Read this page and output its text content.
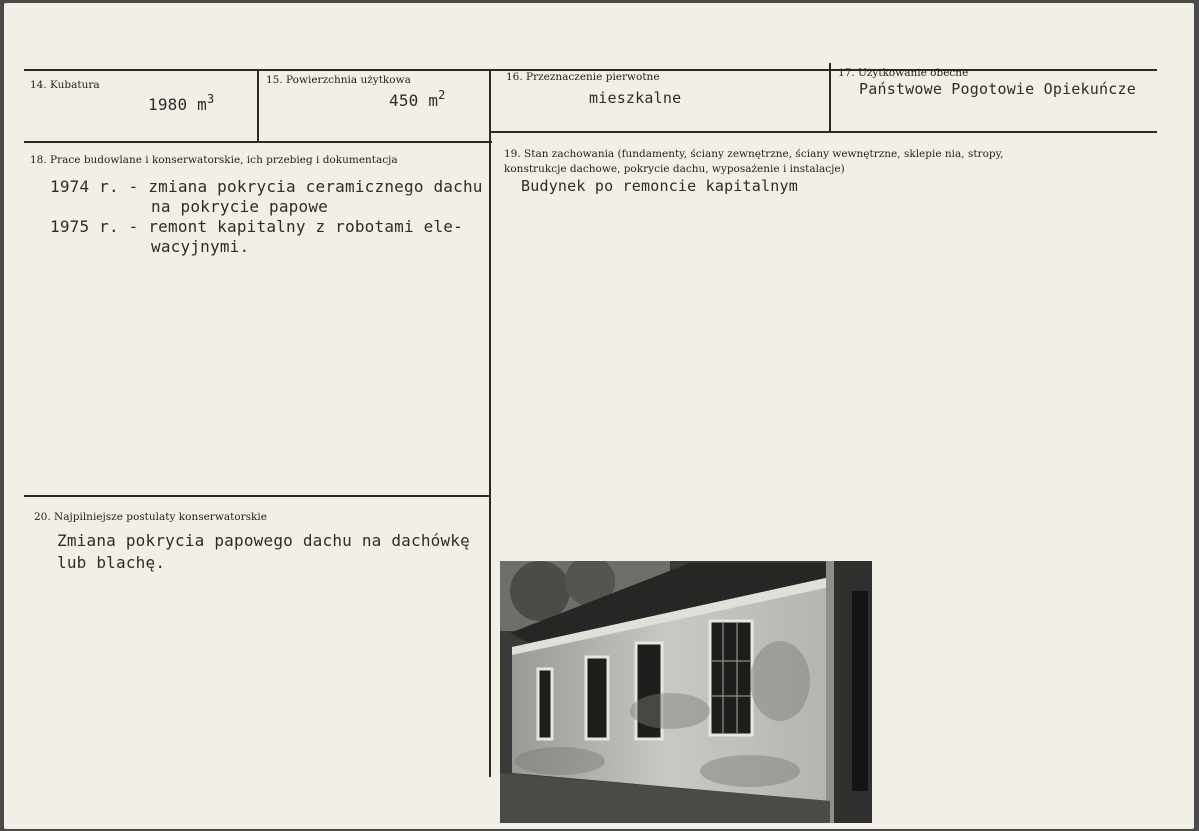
14. Kubatura
1980 $m^3$
15. Powierzchnia użytkowa
450 $m^2$
16. Przeznaczenie pierwotne
mieszkalne
17. Użytkowanie obecne
Państwowe Pogotowie Opiekuńcze
18. Prace budowlane i konserwatorskie, ich przebieg i dokumentacja
1974 r. - zmiana pokrycia ceramicznego dachu
na pokrycie papowe
1975 r. - remont kapitalny z robotami ele-
wacyjnymi.
19. Stan zachowania (fundamenty, ściany zewnętrzne, ściany wewnętrzne, sklepie nia, stropy,
konstrukcje dachowe, pokrycie dachu, wyposażenie i instalacje)
Budynek po remoncie kapitalnym
20. Najpilniejsze postulaty konserwatorskie
Zmiana pokrycia papowego dachu na dachówkę
lub blachę.
